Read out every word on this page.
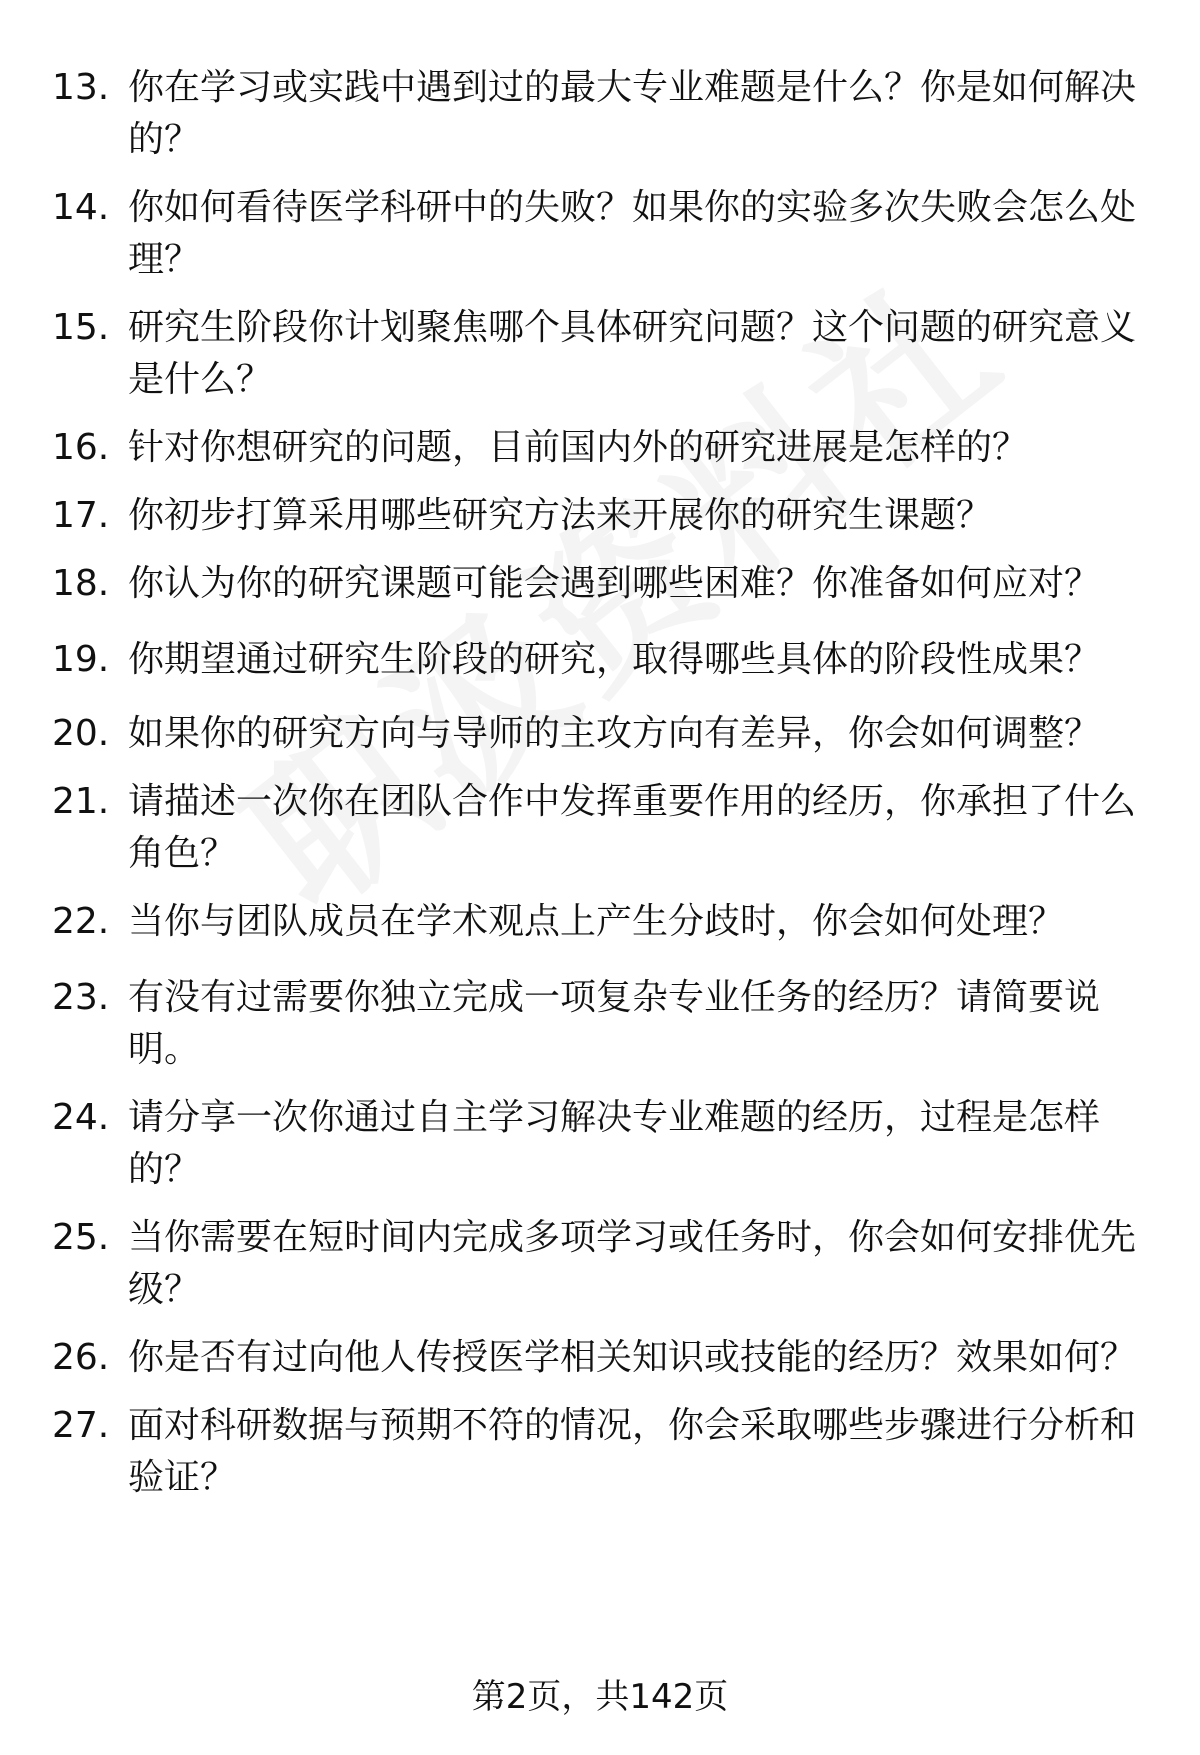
13. 你在学习或实践中遇到过的最大专业难题是什么？你是如何解决的？
14. 你如何看待医学科研中的失败？如果你的实验多次失败会怎么处理？
15. 研究生阶段你计划聚焦哪个具体研究问题？这个问题的研究意义是什么？
16. 针对你想研究的问题，目前国内外的研究进展是怎样的？
17. 你初步打算采用哪些研究方法来开展你的研究生课题？
18. 你认为你的研究课题可能会遇到哪些困难？你准备如何应对？
19. 你期望通过研究生阶段的研究，取得哪些具体的阶段性成果？
20. 如果你的研究方向与导师的主攻方向有差异，你会如何调整？
21. 请描述一次你在团队合作中发挥重要作用的经历，你承担了什么角色？
22. 当你与团队成员在学术观点上产生分歧时，你会如何处理？
23. 有没有过需要你独立完成一项复杂专业任务的经历？请简要说明。
24. 请分享一次你通过自主学习解决专业难题的经历，过程是怎样的？
25. 当你需要在短时间内完成多项学习或任务时，你会如何安排优先级？
26. 你是否有过向他人传授医学相关知识或技能的经历？效果如何？
27. 面对科研数据与预期不符的情况，你会采取哪些步骤进行分析和验证？
第2页，共142页
